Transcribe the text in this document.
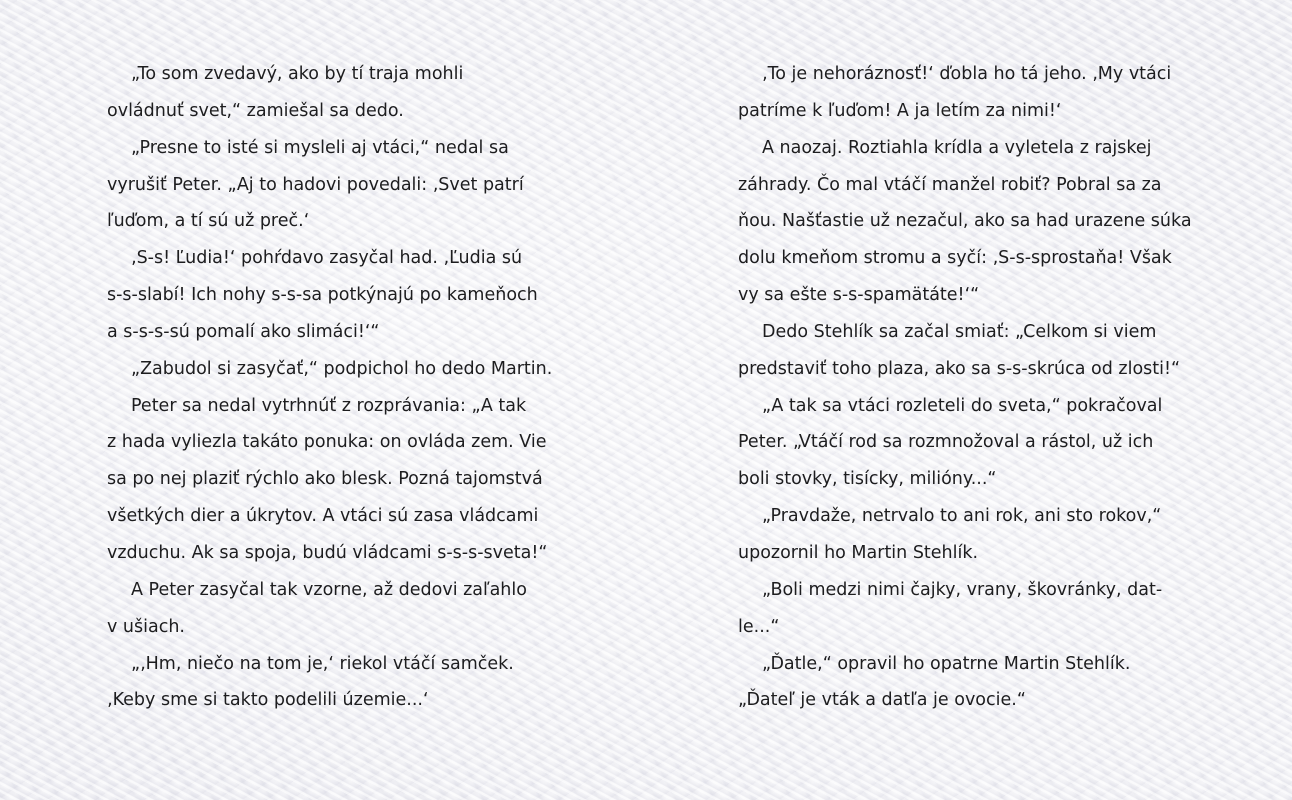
„To som zvedavý, ako by tí traja mohli
ovládnuť svet,“ zamiešal sa dedo.
„Presne to isté si mysleli aj vtáci,“ nedal sa
vyrušiť Peter. „Aj to hadovi povedali: ‚Svet patrí
ľuďom, a tí sú už preč.‘
‚S-s! Ľudia!‘ pohŕdavo zasyčal had. ‚Ľudia sú
s-s-slabí! Ich nohy s-s-sa potkýnajú po kameňoch
a s-s-s-sú pomalí ako slimáci!‘“
„Zabudol si zasyčať,“ podpichol ho dedo Martin.
Peter sa nedal vytrhnúť z rozprávania: „A tak
z hada vyliezla takáto ponuka: on ovláda zem. Vie
sa po nej plaziť rýchlo ako blesk. Pozná tajomstvá
všetkých dier a úkrytov. A vtáci sú zasa vládcami
vzduchu. Ak sa spoja, budú vládcami s-s-s-sveta!“
A Peter zasyčal tak vzorne, až dedovi zaľahlo
v ušiach.
„‚Hm, niečo na tom je,‘ riekol vtáčí samček.
‚Keby sme si takto podelili územie...‘
‚To je nehoráznosť!‘ ďobla ho tá jeho. ‚My vtáci
patríme k ľuďom! A ja letím za nimi!‘
A naozaj. Roztiahla krídla a vyletela z rajskej
záhrady. Čo mal vtáčí manžel robiť? Pobral sa za
ňou. Našťastie už nezačul, ako sa had urazene súka
dolu kmeňom stromu a syčí: ‚S-s-sprostaňa! Však
vy sa ešte s-s-spamätáte!‘“
Dedo Stehlík sa začal smiať: „Celkom si viem
predstaviť toho plaza, ako sa s-s-skrúca od zlosti!“
„A tak sa vtáci rozleteli do sveta,“ pokračoval
Peter. „Vtáčí rod sa rozmnožoval a rástol, už ich
boli stovky, tisícky, milióny...“
„Pravdaže, netrvalo to ani rok, ani sto rokov,“
upozornil ho Martin Stehlík.
„Boli medzi nimi čajky, vrany, škovránky, dat-
le...“
„Ďatle,“ opravil ho opatrne Martin Stehlík.
„Ďateľ je vták a datľa je ovocie.“
